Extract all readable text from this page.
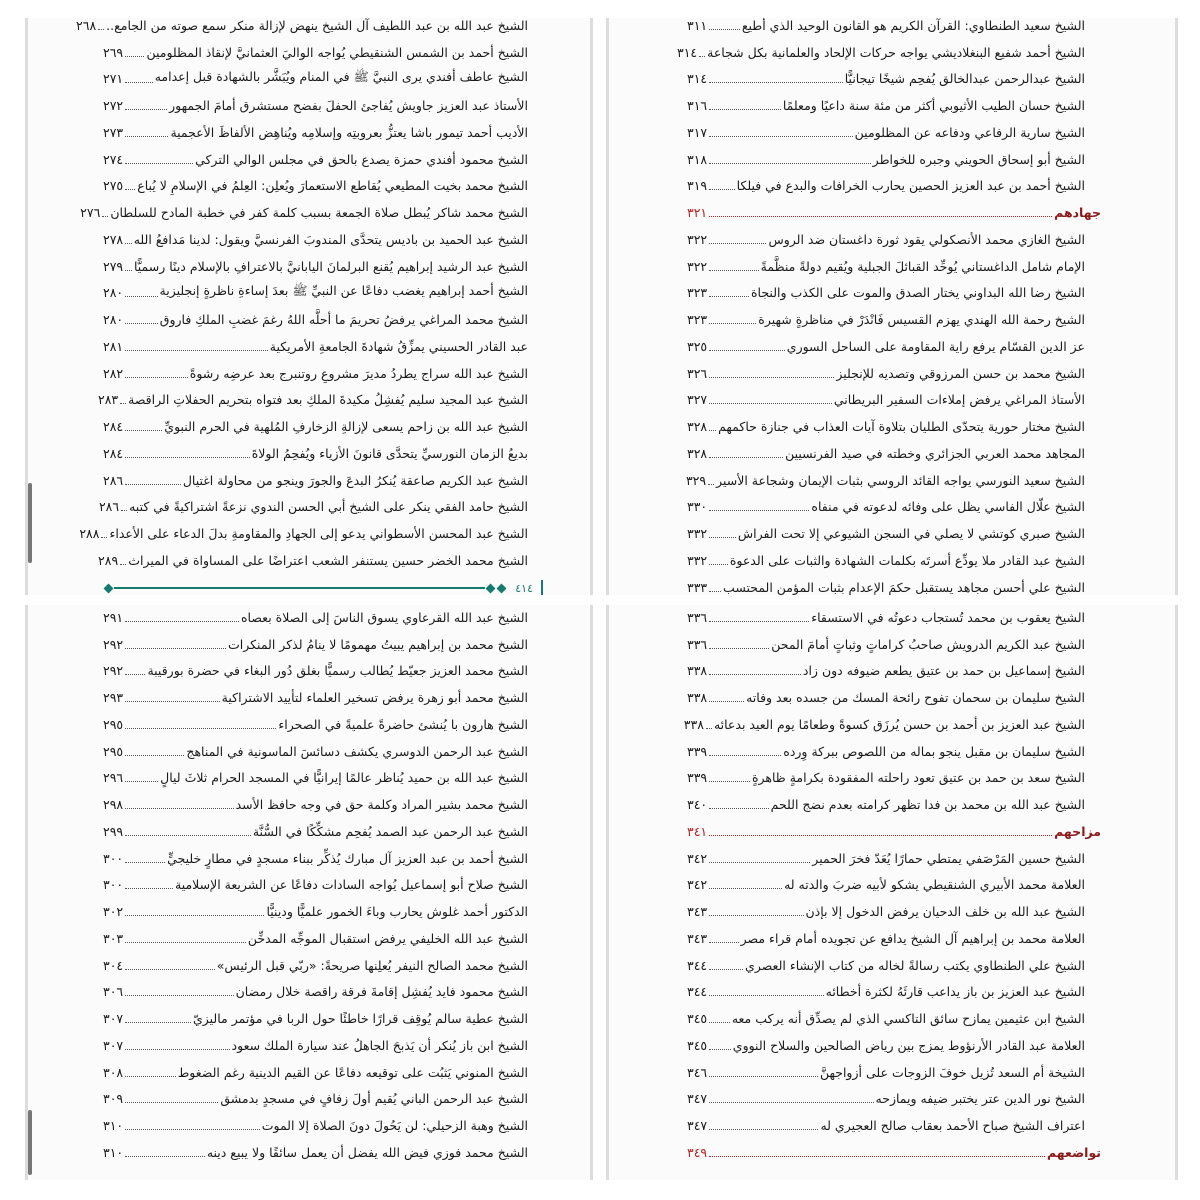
الشيخ عبد الله بن عبد اللطيف آل الشيخ ينهض لإزالة منكر سمع صوته من الجامع..
٢٦٨
الشيخ أحمد بن الشمس الشنقيطي يُواجه الواليَ العثمانيَّ لإنقاذ المظلومين
٢٦٩
الشيخ عاطف أفندي يرى النبيَّ ﷺ في المنام ويُبَشَّر بالشهادة قبل إعدامه
٢٧١
الأستاذ عبد العزيز جاويش يُفاجئ الحفلَ بفضح مستشرق أمامَ الجمهور
٢٧٢
الأديب أحمد تيمور باشا يعتزُّ بعروبتِه وإسلامِه ويُناهِض الألفاظَ الأعجمية
٢٧٣
الشيخ محمود أفندي حمزة يصدع بالحق في مجلس الوالي التركي
٢٧٤
الشيخ محمد بخيت المطيعي يُقاطع الاستعمارَ ويُعلِن: العِلمُ في الإسلامِ لا يُباع
٢٧٥
الشيخ محمد شاكر يُبطل صلاة الجمعة بسبب كلمة كفر في خطبة المادح للسلطان
٢٧٦
الشيخ عبد الحميد بن باديس يتحدَّى المندوبَ الفرنسيَّ ويقول: لدينا مَدافعُ الله
٢٧٨
الشيخ عبد الرشيد إبراهيم يُقنع البرلمانَ اليابانيَّ بالاعترافِ بالإسلام دينًا رسميًّا
٢٧٩
الشيخ أحمد إبراهيم يغضب دفاعًا عن النبيِّ ﷺ بعدَ إساءةِ ناظرةٍ إنجليزية
٢٨٠
الشيخ محمد المراغي يرفضُ تحريمَ ما أحلَّه اللهُ رغمَ غضبِ الملكِ فاروق
٢٨٠
عبد القادر الحسيني يمزِّقُ شهادةَ الجامعةِ الأمريكية
٢٨١
الشيخ عبد الله سراج يطردُ مديرَ مشروعِ روتنبرج بعد عرضِه رشوةً
٢٨٢
الشيخ عبد المجيد سليم يُفشِلُ مكيدةَ الملكِ بعد فتواه بتحريم الحفلاتِ الراقصة
٢٨٣
الشيخ عبد الله بن زاحم يسعى لإزالةِ الزخارفِ المُلهية في الحرم النبويِّ
٢٨٤
بديعُ الزمان النورسيِّ يتحدَّى قانونَ الأزياء ويُفحِمُ الولاةَ
٢٨٤
الشيخ عبد الكريم صاعقة يُنكرُ البدعَ والجورَ وينجو من محاولة اغتيال
٢٨٦
الشيخ حامد الفقي ينكر على الشيخ أبي الحسن الندوي نزعةً اشتراكيةً في كتبه
٢٨٦
الشيخ عبد المحسن الأسطواني يدعو إلى الجهادِ والمقاومةِ بدلَ الدعاء على الأعداء
٢٨٨
الشيخ محمد الخضر حسين يستنفر الشعب اعتراضًا على المساواة في الميراث
٢٨٩
٤١٤
الشيخ سعيد الطنطاوي: القرآن الكريم هو القانون الوحيد الذي أطيع
٣١١
الشيخ أحمد شفيع البنغلاديشي يواجه حركات الإلحاد والعلمانية بكل شجاعة
٣١٤
الشيخ عبدالرحمن عبدالخالق يُفحِم شيخًا تيجانيًّا
٣١٤
الشيخ حسان الطيب الأثيوبي أكثر من مئة سنة داعيًا ومعلمًا
٣١٦
الشيخ سارية الرفاعي ودفاعه عن المظلومين
٣١٧
الشيخ أبو إسحاق الحويني وجبره للخواطر
٣١٨
الشيخ أحمد بن عبد العزيز الحصين يحارب الخرافات والبدع في فيلكا
٣١٩
جهادهم
٣٢١
الشيخ الغازي محمد الأنصكولي يقود ثورة داغستان ضد الروس
٣٢٢
الإمام شامل الداغستاني يُوحِّد القبائلَ الجبلية ويُقيم دولةً منظَّمةً
٣٢٢
الشيخ رضا الله البداوني يختار الصدق والموت على الكذب والنجاة
٣٢٣
الشيخ رحمة الله الهندي يهزم القسيس فَانْدَرْ في مناظرةٍ شهيرة
٣٢٣
عز الدين القسّام يرفع راية المقاومة على الساحل السوري
٣٢٥
الشيخ محمد بن حسن المرزوقي وتصديه للإنجليز
٣٢٦
الأستاذ المراغي يرفض إملاءات السفير البريطاني
٣٢٧
الشيخ مختار حورية يتحدّى الطليان بتلاوة آيات العذاب في جنازة حاكمهم
٣٢٨
المجاهد محمد العربي الجزائري وخطته في صيد الفرنسيين
٣٢٨
الشيخ سعيد النورسي يواجه القائد الروسي بثبات الإيمان وشجاعة الأسير
٣٢٩
الشيخ علّال الفاسي يظل على وفائه لدعوته في منفاه
٣٣٠
الشيخ صبري كوتشي لا يصلي في السجن الشيوعي إلا تحت الفراش
٣٣٢
الشيخ عبد القادر ملا يودِّع أسرتَه بكلمات الشهادة والثبات على الدعوة
٣٣٢
الشيخ علي أحسن مجاهد يستقبل حكمَ الإعدام بثبات المؤمن المحتسب
٣٣٣
الشيخ عبد الله القرعاوي يسوق الناسَ إلى الصلاة بعصاه
٢٩١
الشيخ محمد بن إبراهيم يبيتُ مهمومًا لا ينامُ لذكر المنكرات
٢٩٢
الشيخ محمد العزيز جعيّط يُطالب رسميًّا بغلق دُور البغاء في حضرة بورقيبة
٢٩٢
الشيخ محمد أبو زهرة يرفض تسخير العلماء لتأييد الاشتراكية
٢٩٣
الشيخ هارون با يُنشئ حاضرةً علميةً في الصحراء
٢٩٥
الشيخ عبد الرحمن الدوسري يكشف دسائسَ الماسونية في المناهج
٢٩٥
الشيخ عبد الله بن حميد يُناظر عالمًا إيرانيًّا في المسجد الحرام ثلاثَ ليالٍ
٢٩٦
الشيخ محمد بشير المراد وكلمة حق في وجه حافظ الأسد
٢٩٨
الشيخ عبد الرحمن عبد الصمد يُفحِم مشكِّكًا في السُّنَّة
٢٩٩
الشيخ أحمد بن عبد العزيز آل مبارك يُذكِّر ببناء مسجدٍ في مطارٍ خليجيٍّ
٣٠٠
الشيخ صلاح أبو إسماعيل يُواجه السادات دفاعًا عن الشريعة الإسلامية
٣٠٠
الدكتور أحمد غلوش يحارب وباءَ الخمور علميًّا ودينيًّا
٣٠٢
الشيخ عبد الله الخليفي يرفض استقبال الموجِّه المدخِّن
٣٠٣
الشيخ محمد الصالح النيفر يُعلِنها صريحةً: «ربّي قبل الرئيس»
٣٠٤
الشيخ محمود فايد يُفشِل إقامةَ فرقة راقصة خلال رمضان
٣٠٦
الشيخ عطية سالم يُوقِف قرارًا خاطئًا حول الربا في مؤتمر ماليزيّ
٣٠٧
الشيخ ابن باز يُنكر أن يَذبحَ الجاهلُ عند سيارة الملك سعود
٣٠٧
الشيخ المنوني يَثبُت على توقيعه دفاعًا عن القيم الدينية رغم الضغوط
٣٠٨
الشيخ عبد الرحمن الباني يُقيم أولَ زفافٍ في مسجدٍ بدمشق
٣٠٩
الشيخ وهبة الزحيلي: لن يَحُولَ دونَ الصلاة إلا الموت
٣١٠
الشيخ محمد فوزي فيض الله يفضل أن يعمل سائقًا ولا يبيع دينه
٣١٠
الشيخ يعقوب بن محمد تُستجاب دعوتُه في الاستسقاء
٣٣٦
الشيخ عبد الكريم الدرويش صاحبُ كراماتٍ وثباتٍ أمامَ المحن
٣٣٦
الشيخ إسماعيل بن حمد بن عتيق يطعم ضيوفه دون زاد
٣٣٨
الشيخ سليمان بن سحمان تفوح رائحة المسك من جسده بعد وفاته
٣٣٨
الشيخ عبد العزيز بن أحمد بن حسن يُرزَق كسوةً وطعامًا يوم العيد بدعائه
٣٣٨
الشيخ سليمان بن مقبل ينجو بماله من اللصوص ببركة وِرده
٣٣٩
الشيخ سعد بن حمد بن عتيق تعود راحلته المفقودة بكرامةٍ ظاهرةٍ
٣٣٩
الشيخ عبد الله بن محمد بن فدا تظهر كرامته بعدم نضج اللحم
٣٤٠
مزاحهم
٣٤١
الشيخ حسين المَرْصَفي يمتطي حمارًا يُعَدّ فخرَ الحمير
٣٤٢
العلامة محمد الأبيري الشنقيطي يشكو لأبيه ضربَ والدته له
٣٤٢
الشيخ عبد الله بن خلف الدحيان يرفض الدخول إلا بإذن
٣٤٣
العلامة محمد بن إبراهيم آل الشيخ يدافع عن تجويده أمام قراء مصر
٣٤٣
الشيخ علي الطنطاوي يكتب رسالةً لخاله من كتاب الإنشاء العصري
٣٤٤
الشيخ عبد العزيز بن باز يداعب قارئَهُ لكثرة أخطائه
٣٤٤
الشيخ ابن عثيمين يمازح سائق التاكسي الذي لم يصدِّق أنه يركب معه
٣٤٥
العلامة عبد القادر الأرنؤوط يمزج بين رياض الصالحين والسلاح النووي
٣٤٥
الشيخة أم السعد تُزيل خوفَ الزوجات على أزواجهنَّ
٣٤٦
الشيخ نور الدين عتر يختبر ضيفه ويمازحه
٣٤٧
اعتراف الشيخ صباح الأحمد بعقاب صالح العجيري له
٣٤٧
تواضعهم
٣٤٩
